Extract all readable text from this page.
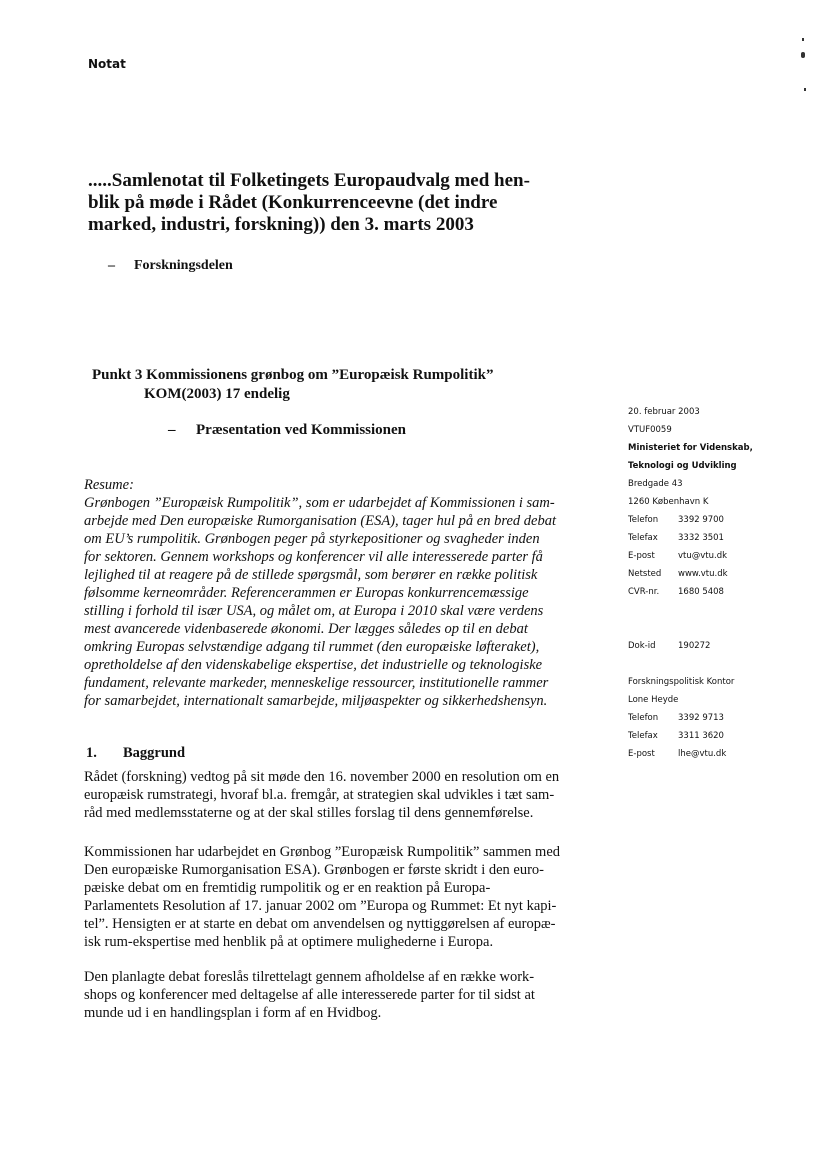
Notat
.....Samlenotat til Folketingets Europaudvalg med hen-
blik på møde i Rådet (Konkurrenceevne (det indre
marked, industri, forskning)) den 3. marts 2003
– Forskningsdelen
Punkt 3 Kommissionens grønbog om ”Europæisk Rumpolitik”
KOM(2003) 17 endelig
– Præsentation ved Kommissionen
Resume:
Grønbogen ”Europæisk Rumpolitik”, som er udarbejdet af Kommissionen i sam-
arbejde med Den europæiske Rumorganisation (ESA), tager hul på en bred debat
om EU’s rumpolitik. Grønbogen peger på styrkepositioner og svagheder inden
for sektoren. Gennem workshops og konferencer vil alle interesserede parter få
lejlighed til at reagere på de stillede spørgsmål, som berører en række politisk
følsomme kerneområder. Referencerammen er Europas konkurrencemæssige
stilling i forhold til især USA, og målet om, at Europa i 2010 skal være verdens
mest avancerede videnbaserede økonomi. Der lægges således op til en debat
omkring Europas selvstændige adgang til rummet (den europæiske løfteraket),
opretholdelse af den videnskabelige ekspertise, det industrielle og teknologiske
fundament, relevante markeder, menneskelige ressourcer, institutionelle rammer
for samarbejdet, internationalt samarbejde, miljøaspekter og sikkerhedshensyn.
1. Baggrund
Rådet (forskning) vedtog på sit møde den 16. november 2000 en resolution om en
europæisk rumstrategi, hvoraf bl.a. fremgår, at strategien skal udvikles i tæt sam-
råd med medlemsstaterne og at der skal stilles forslag til dens gennemførelse.
Kommissionen har udarbejdet en Grønbog ”Europæisk Rumpolitik” sammen med
Den europæiske Rumorganisation ESA). Grønbogen er første skridt i den euro-
pæiske debat om en fremtidig rumpolitik og er en reaktion på Europa-
Parlamentets Resolution af 17. januar 2002 om ”Europa og Rummet: Et nyt kapi-
tel”. Hensigten er at starte en debat om anvendelsen og nyttiggørelsen af europæ-
isk rum-ekspertise med henblik på at optimere mulighederne i Europa.
Den planlagte debat foreslås tilrettelagt gennem afholdelse af en række work-
shops og konferencer med deltagelse af alle interesserede parter for til sidst at
munde ud i en handlingsplan i form af en Hvidbog.
20. februar 2003
VTUF0059
Ministeriet for Videnskab,
Teknologi og Udvikling
Bredgade 43
1260 København K
Telefon	3392 9700
Telefax	3332 3501
E-post	vtu@vtu.dk
Netsted	www.vtu.dk
CVR-nr.	1680 5408
Dok-id	190272
Forskningspolitisk Kontor
Lone Heyde
Telefon	3392 9713
Telefax	3311 3620
E-post	lhe@vtu.dk
